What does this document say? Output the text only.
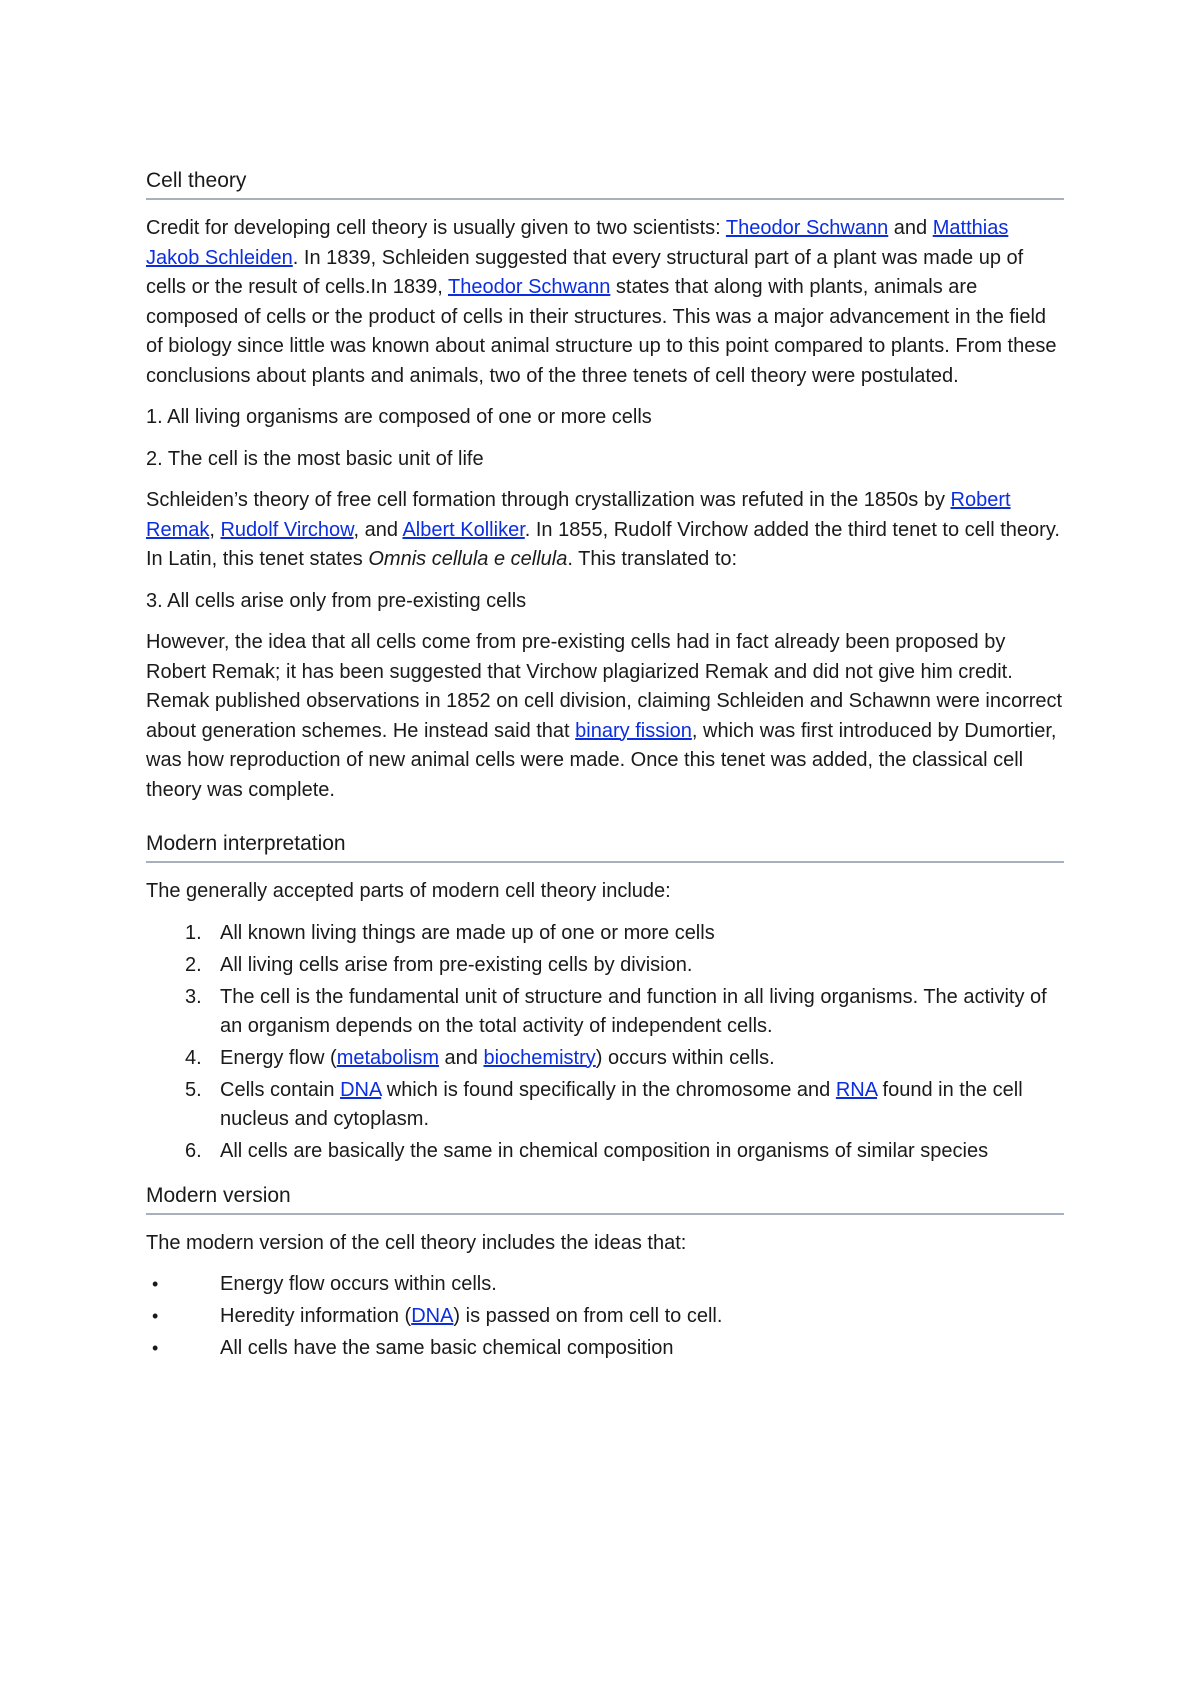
Cell theory

Credit for developing cell theory is usually given to two scientists: Theodor Schwann and Matthias Jakob Schleiden. In 1839, Schleiden suggested that every structural part of a plant was made up of cells or the result of cells.In 1839, Theodor Schwann states that along with plants, animals are composed of cells or the product of cells in their structures. This was a major advancement in the field of biology since little was known about animal structure up to this point compared to plants. From these conclusions about plants and animals, two of the three tenets of cell theory were postulated.

1. All living organisms are composed of one or more cells

2. The cell is the most basic unit of life

Schleiden’s theory of free cell formation through crystallization was refuted in the 1850s by Robert Remak, Rudolf Virchow, and Albert Kolliker. In 1855, Rudolf Virchow added the third tenet to cell theory. In Latin, this tenet states Omnis cellula e cellula. This translated to:

3. All cells arise only from pre-existing cells

However, the idea that all cells come from pre-existing cells had in fact already been proposed by Robert Remak; it has been suggested that Virchow plagiarized Remak and did not give him credit. Remak published observations in 1852 on cell division, claiming Schleiden and Schawnn were incorrect about generation schemes. He instead said that binary fission, which was first introduced by Dumortier, was how reproduction of new animal cells were made. Once this tenet was added, the classical cell theory was complete.

Modern interpretation

The generally accepted parts of modern cell theory include:

1. All known living things are made up of one or more cells
2. All living cells arise from pre-existing cells by division.
3. The cell is the fundamental unit of structure and function in all living organisms. The activity of an organism depends on the total activity of independent cells.
4. Energy flow (metabolism and biochemistry) occurs within cells.
5. Cells contain DNA which is found specifically in the chromosome and RNA found in the cell nucleus and cytoplasm.
6. All cells are basically the same in chemical composition in organisms of similar species
Modern version

The modern version of the cell theory includes the ideas that:

•	Energy flow occurs within cells.
•	Heredity information (DNA) is passed on from cell to cell.
•	All cells have the same basic chemical composition
